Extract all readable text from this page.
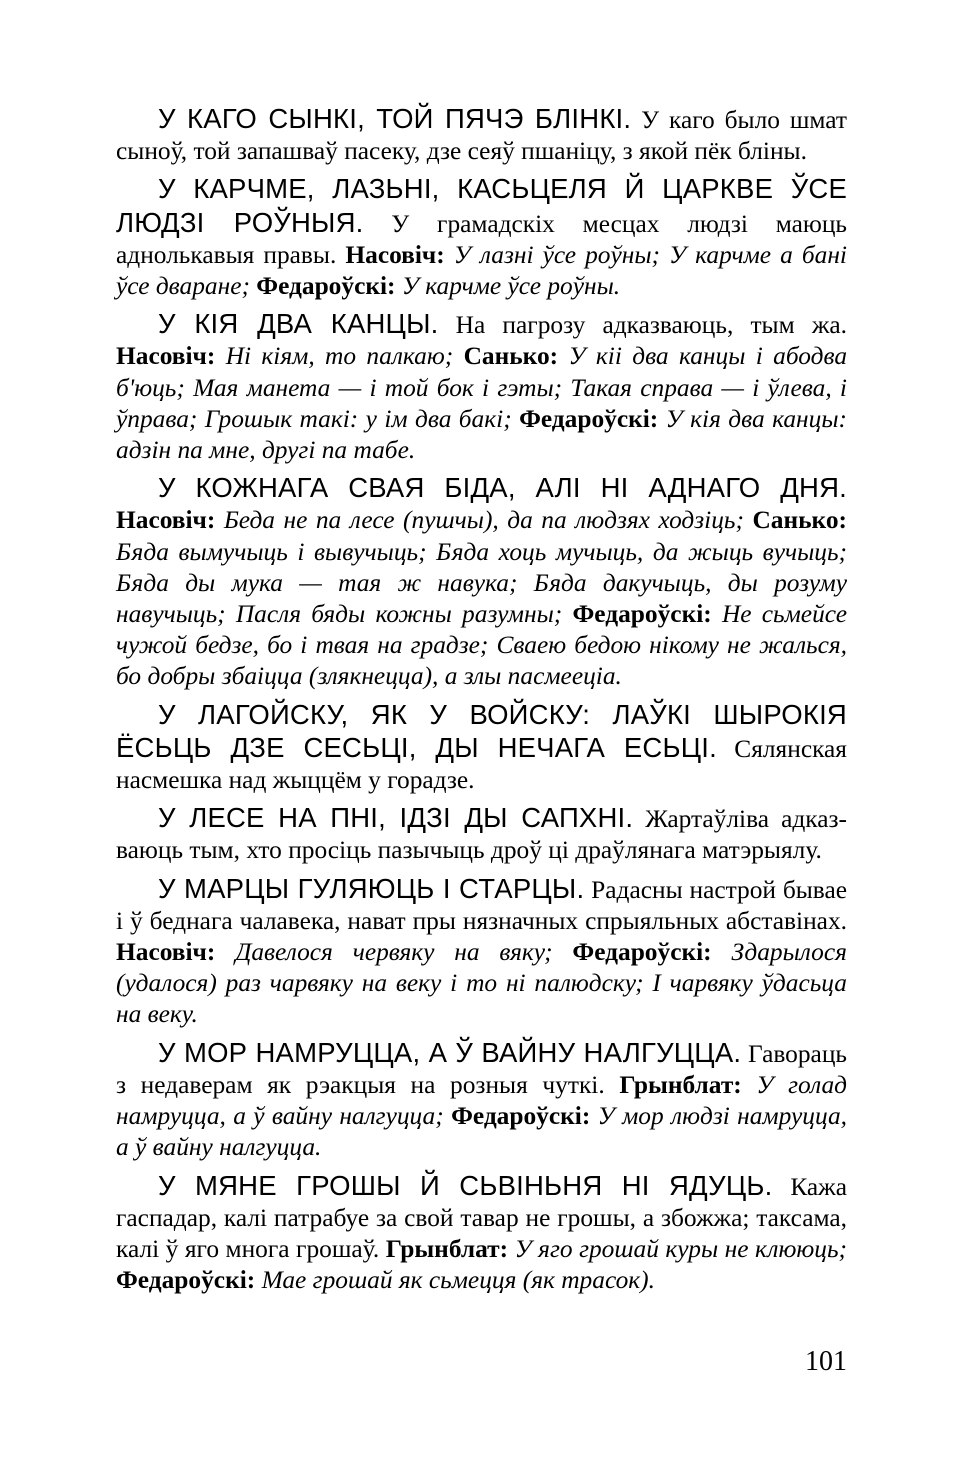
У КАГО СЫНКІ, ТОЙ ПЯЧЭ БЛІНКІ. У каго было шмат сыноў, той запашваў пасеку, дзе сеяў пшаніцу, з якой пёк бліны.

У КАРЧМЕ, ЛАЗЬНІ, КАСЬЦЕЛЯ Й ЦАРКВЕ ЎСЕ ЛЮДЗІ РОЎНЫЯ. У грамадскіх месцах людзі маюць аднолькавыя правы. Насовіч: У лазні ўсе роўны; У карчме а бані ўсе дваране; Федароўскі: У карчме ўсе роўны.

У КІЯ ДВА КАНЦЫ. На пагрозу адказваюць, тым жа. Насовіч: Ні кіям, то палкаю; Санько: У кіі два канцы і абодва б'юць; Мая манета — і той бок і гэты; Такая справа — і ўлева, і ўправа; Грошык такі: у ім два бакі; Федароўскі: У кія два канцы: адзін па мне, другі па табе.

У КОЖНАГА СВАЯ БІДА, АЛІ НІ АДНАГО ДНЯ. Насовіч: Беда не па лесе (пушчы), да па людзях ходзіць; Санько: Бяда вымучыць і вывучыць; Бяда хоць мучыць, да жыць вучыць; Бяда ды мука — тая ж навука; Бяда дакучыць, ды розуму навучыць; Пасля бяды кожны разумны; Федароўскі: Не сьмейсе чужой бедзе, бо і твая на градзе; Сваею бедою нікому не жалься, бо добры збаіцца (злякнецца), а злы пасмееціа.

У ЛАГОЙСКУ, ЯК У ВОЙСКУ: ЛАЎКІ ШЫРОКІЯ ЁСЬЦЬ ДЗЕ СЕСЬЦІ, ДЫ НЕЧАГА ЕСЬЦІ. Сялянская насмешка над жыццём у горадзе.

У ЛЕСЕ НА ПНІ, ІДЗІ ДЫ САПХНІ. Жартаўліва адказваюць тым, хто просіць пазычыць дроў ці драўлянага матэрыялу.

У МАРЦЫ ГУЛЯЮЦЬ І СТАРЦЫ. Радасны настрой бывае і ў беднага чалавека, нават пры нязначных спрыяльных абставінах. Насовіч: Давелося червяку на вяку; Федароўскі: Здарылося (удалося) раз чарвяку на веку і то ні палюдску; І чарвяку ўдасьца на веку.

У МОР НАМРУЦЦА, А Ў ВАЙНУ НАЛГУЦЦА. Гавораць з недаверам як рэакцыя на розныя чуткі. Грынблат: У голад намруцца, а ў вайну налгуцца; Федароўскі: У мор людзі намруцца, а ў вайну налгуцца.

У МЯНЕ ГРОШЫ Й СЬВІНЬНЯ НІ ЯДУЦЬ. Кажа гаспадар, калі патрабуе за свой тавар не грошы, а збожжа; таксама, калі ў яго многа грошаў. Грынблат: У яго грошай куры не клююць; Федароўскі: Мае грошай як сьмецця (як трасок).

101
